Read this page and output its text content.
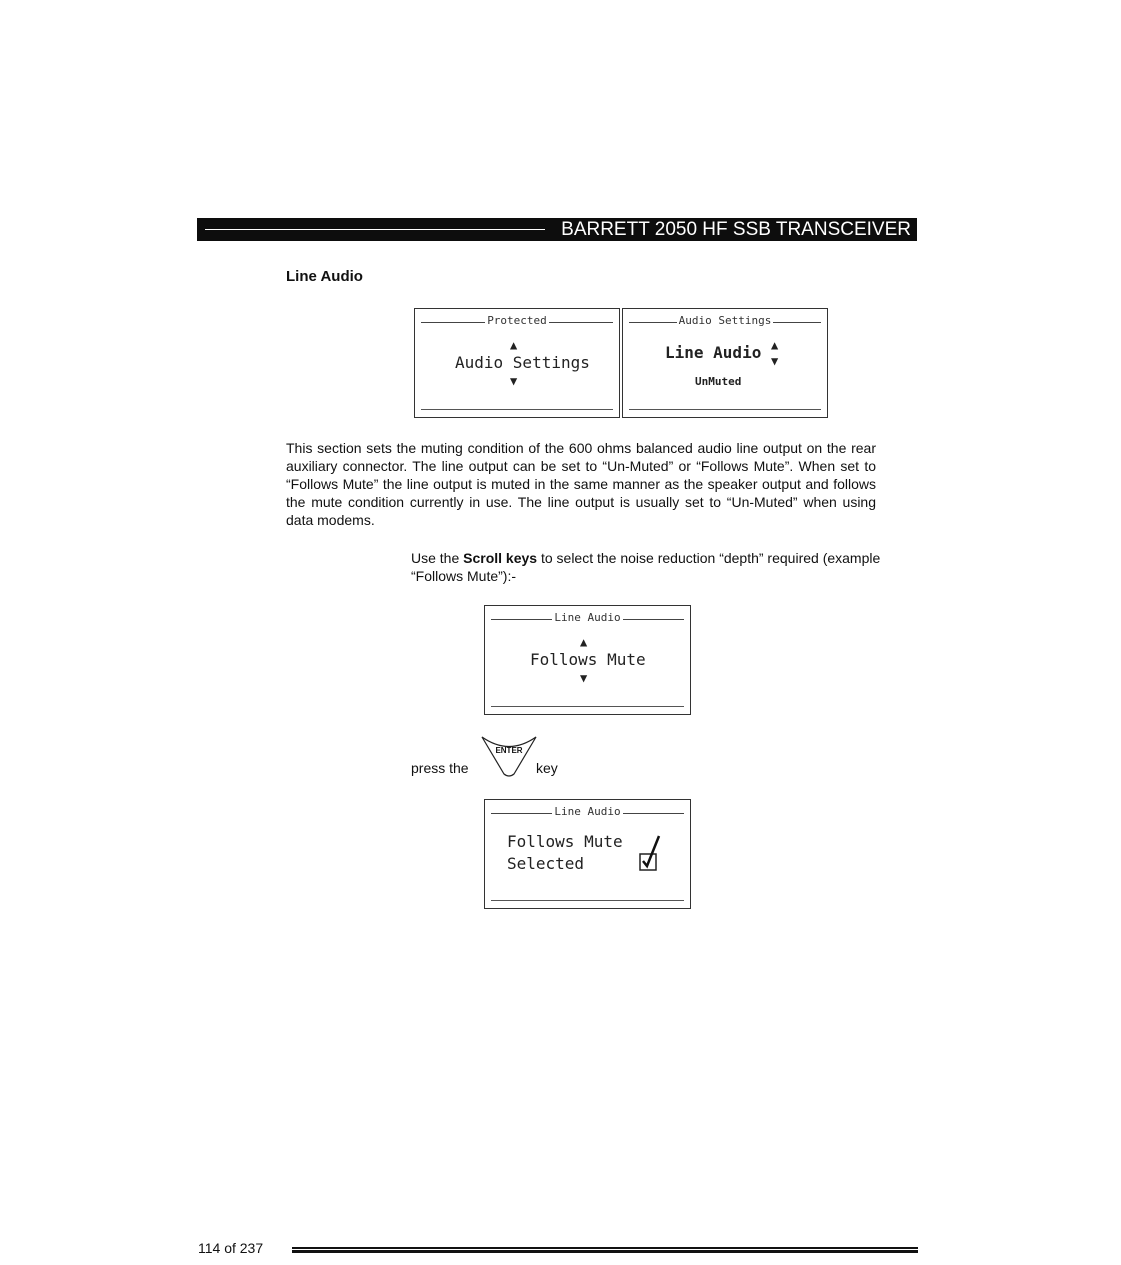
BARRETT 2050 HF SSB TRANSCEIVER
Line Audio
Protected
▲
Audio Settings
▼
Audio Settings
Line Audio ▲
▼
UnMuted

This section sets the muting condition of the 600 ohms balanced audio line output on the rear auxiliary connector. The line output can be set to “Un-Muted” or “Follows Mute”. When set to “Follows Mute” the line output is muted in the same manner as the speaker output and follows the mute condition currently in use. The line output is usually set to “Un-Muted” when using data modems.

Use the Scroll keys to select the noise reduction “depth” required (example “Follows Mute”):-

Line Audio
▲
Follows Mute
▼
press the
ENTER
key
Line Audio
Follows Mute
Selected
114 of 237
